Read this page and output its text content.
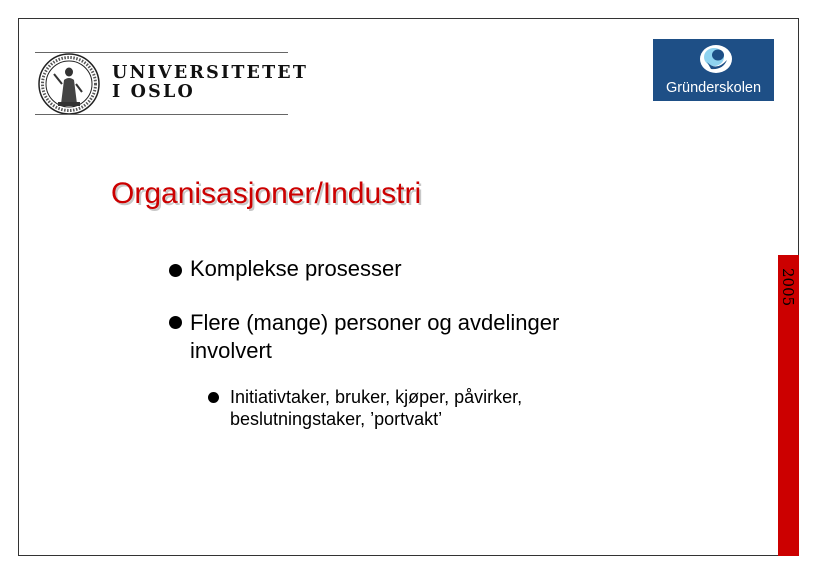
UNIVERSITETET
I OSLO	Gründerskolen
Organisasjoner/Industri
2005
Komplekse prosesser
Flere (mange) personer og avdelinger involvert
Initiativtaker, bruker, kjøper, påvirker, beslutningstaker, ’portvakt’
